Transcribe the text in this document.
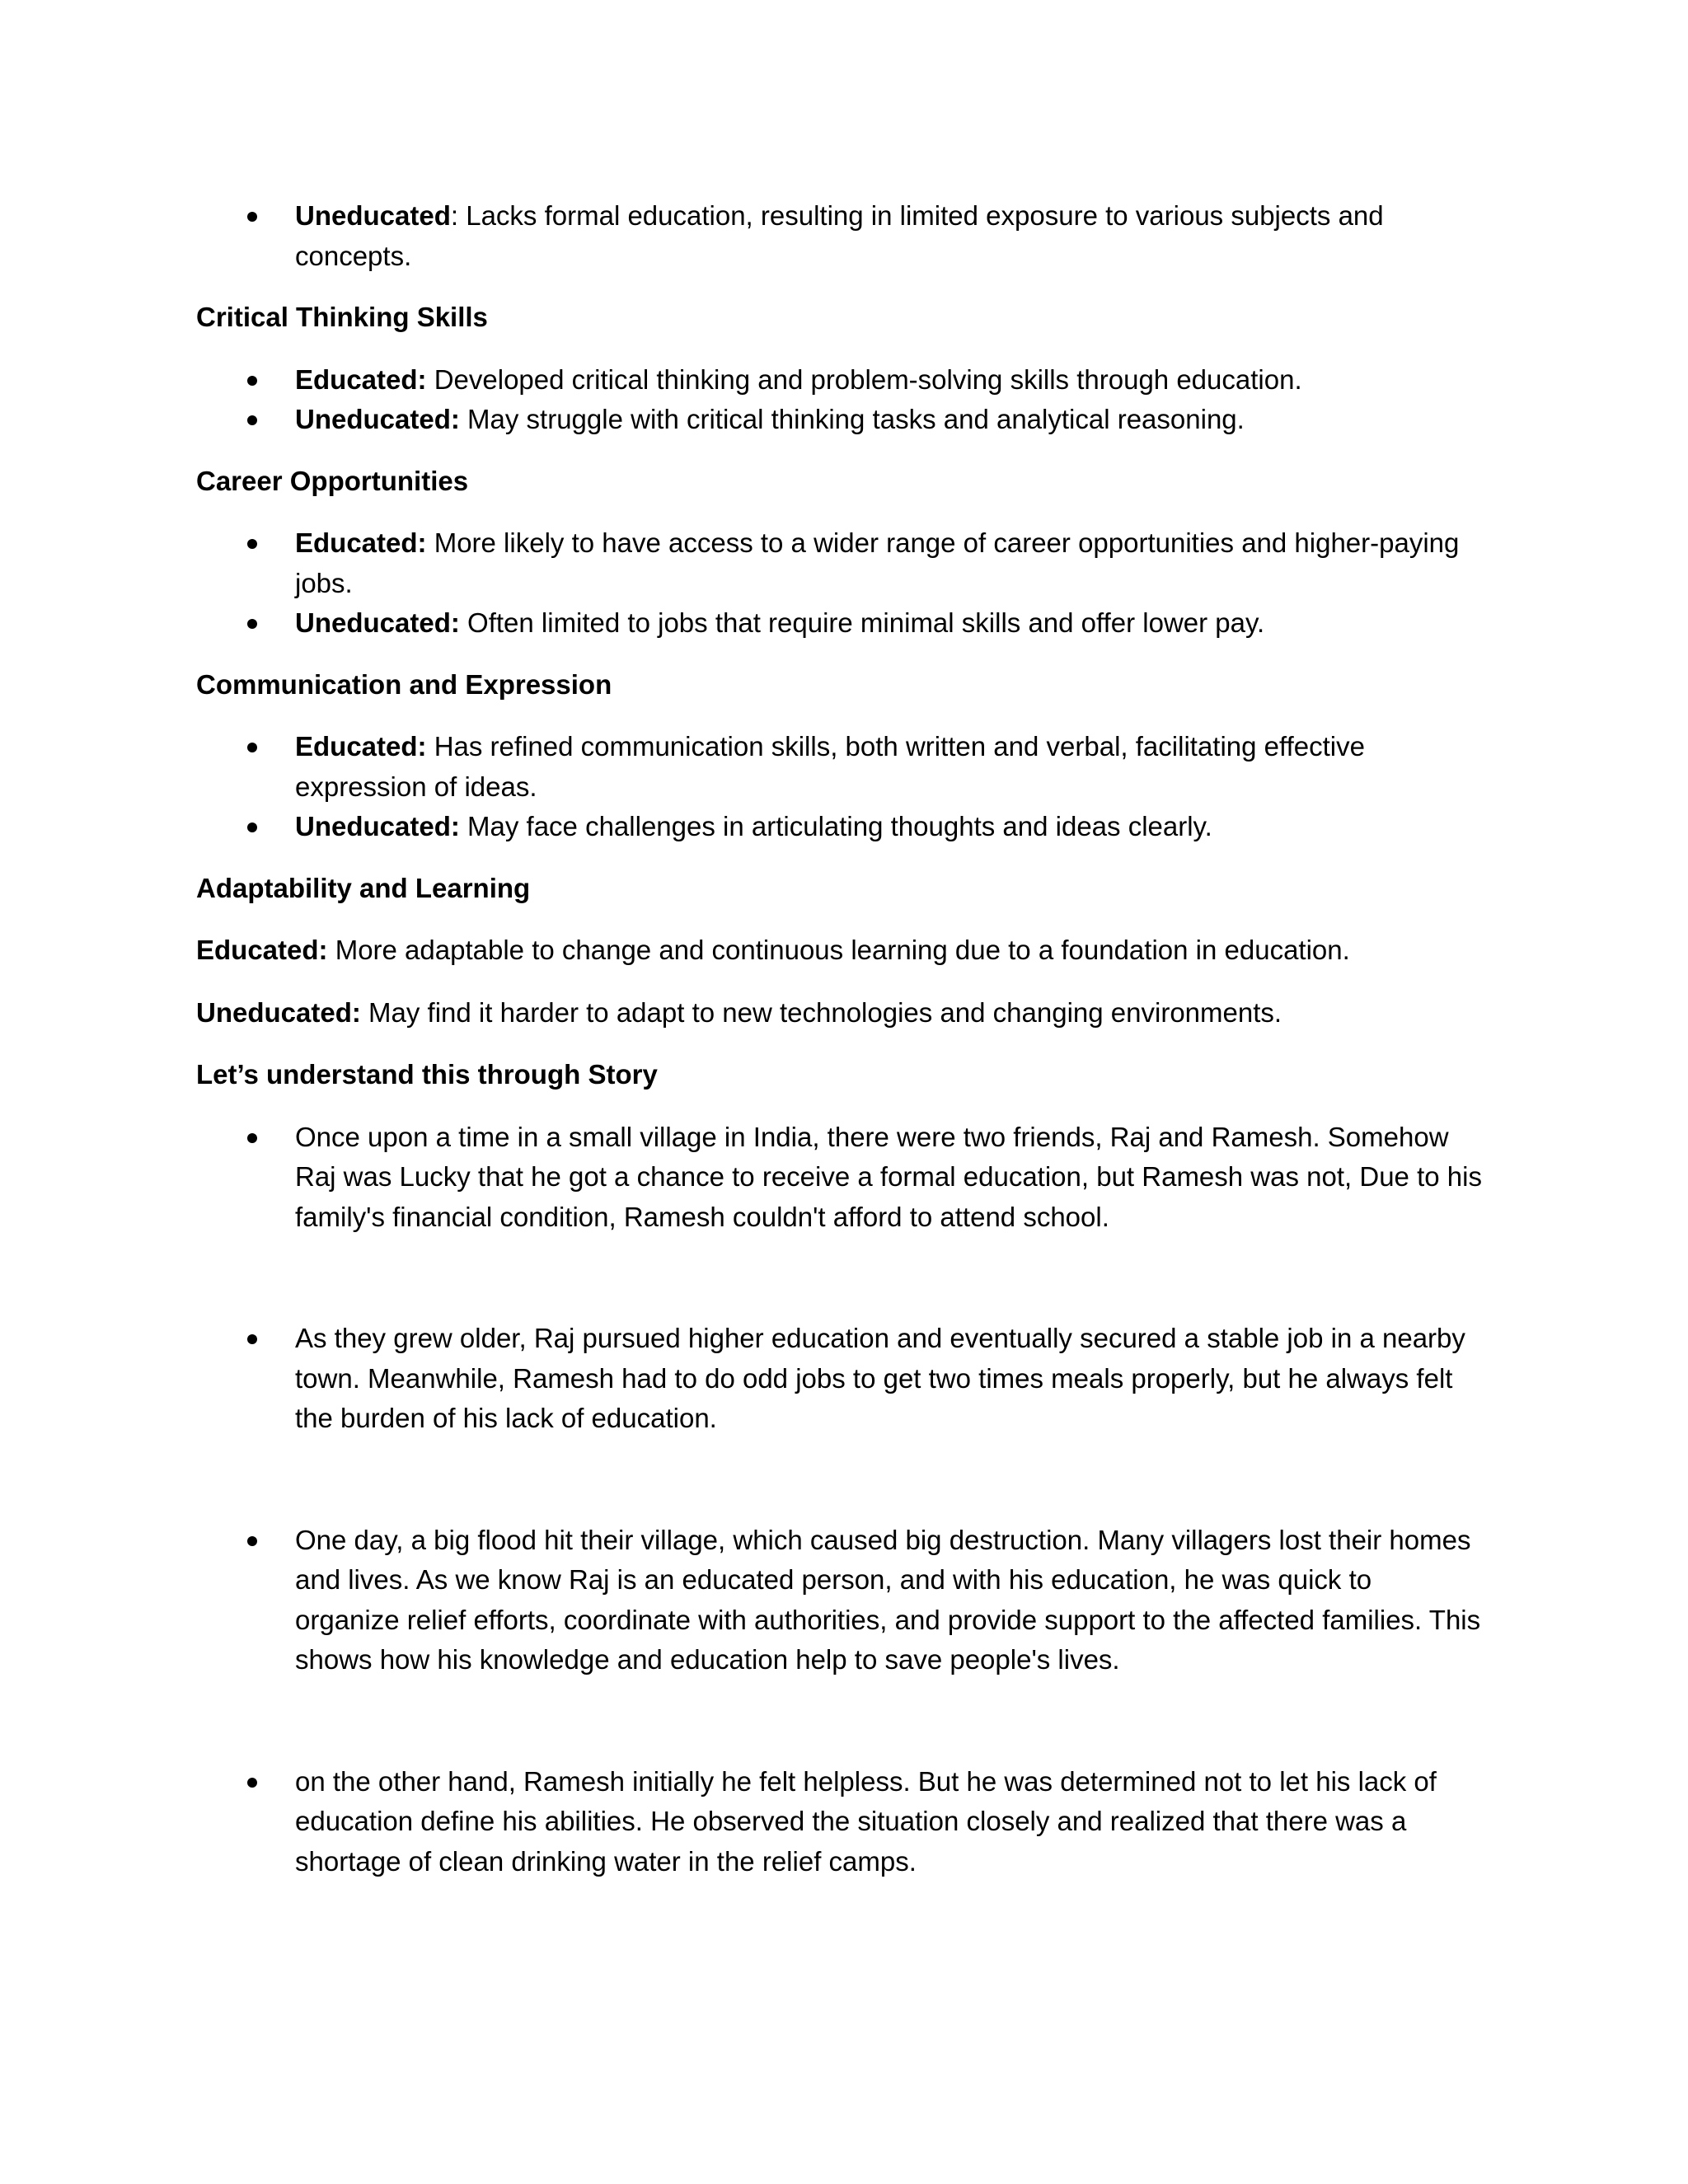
Uneducated: Lacks formal education, resulting in limited exposure to various subjects and concepts.

Critical Thinking Skills

Educated: Developed critical thinking and problem-solving skills through education.
Uneducated: May struggle with critical thinking tasks and analytical reasoning.

Career Opportunities

Educated: More likely to have access to a wider range of career opportunities and higher-paying jobs.
Uneducated: Often limited to jobs that require minimal skills and offer lower pay.

Communication and Expression

Educated: Has refined communication skills, both written and verbal, facilitating effective expression of ideas.
Uneducated: May face challenges in articulating thoughts and ideas clearly.

Adaptability and Learning

Educated: More adaptable to change and continuous learning due to a foundation in education.

Uneducated: May find it harder to adapt to new technologies and changing environments.

Let’s understand this through Story

Once upon a time in a small village in India, there were two friends, Raj and Ramesh. Somehow Raj was Lucky that he got a chance to receive a formal education, but Ramesh was not, Due to his family's financial condition, Ramesh couldn't afford to attend school.
As they grew older, Raj pursued higher education and eventually secured a stable job in a nearby town. Meanwhile, Ramesh had to do odd jobs to get two times meals properly, but he always felt the burden of his lack of education.
One day, a big flood hit their village, which caused big destruction. Many villagers lost their homes and lives. As we know Raj is an educated person, and with his education, he was quick to organize relief efforts, coordinate with authorities, and provide support to the affected families. This shows how his knowledge and education help to save people's lives.
on the other hand, Ramesh initially he felt helpless. But he was determined not to let his lack of education define his abilities. He observed the situation closely and realized that there was a shortage of clean drinking water in the relief camps.
